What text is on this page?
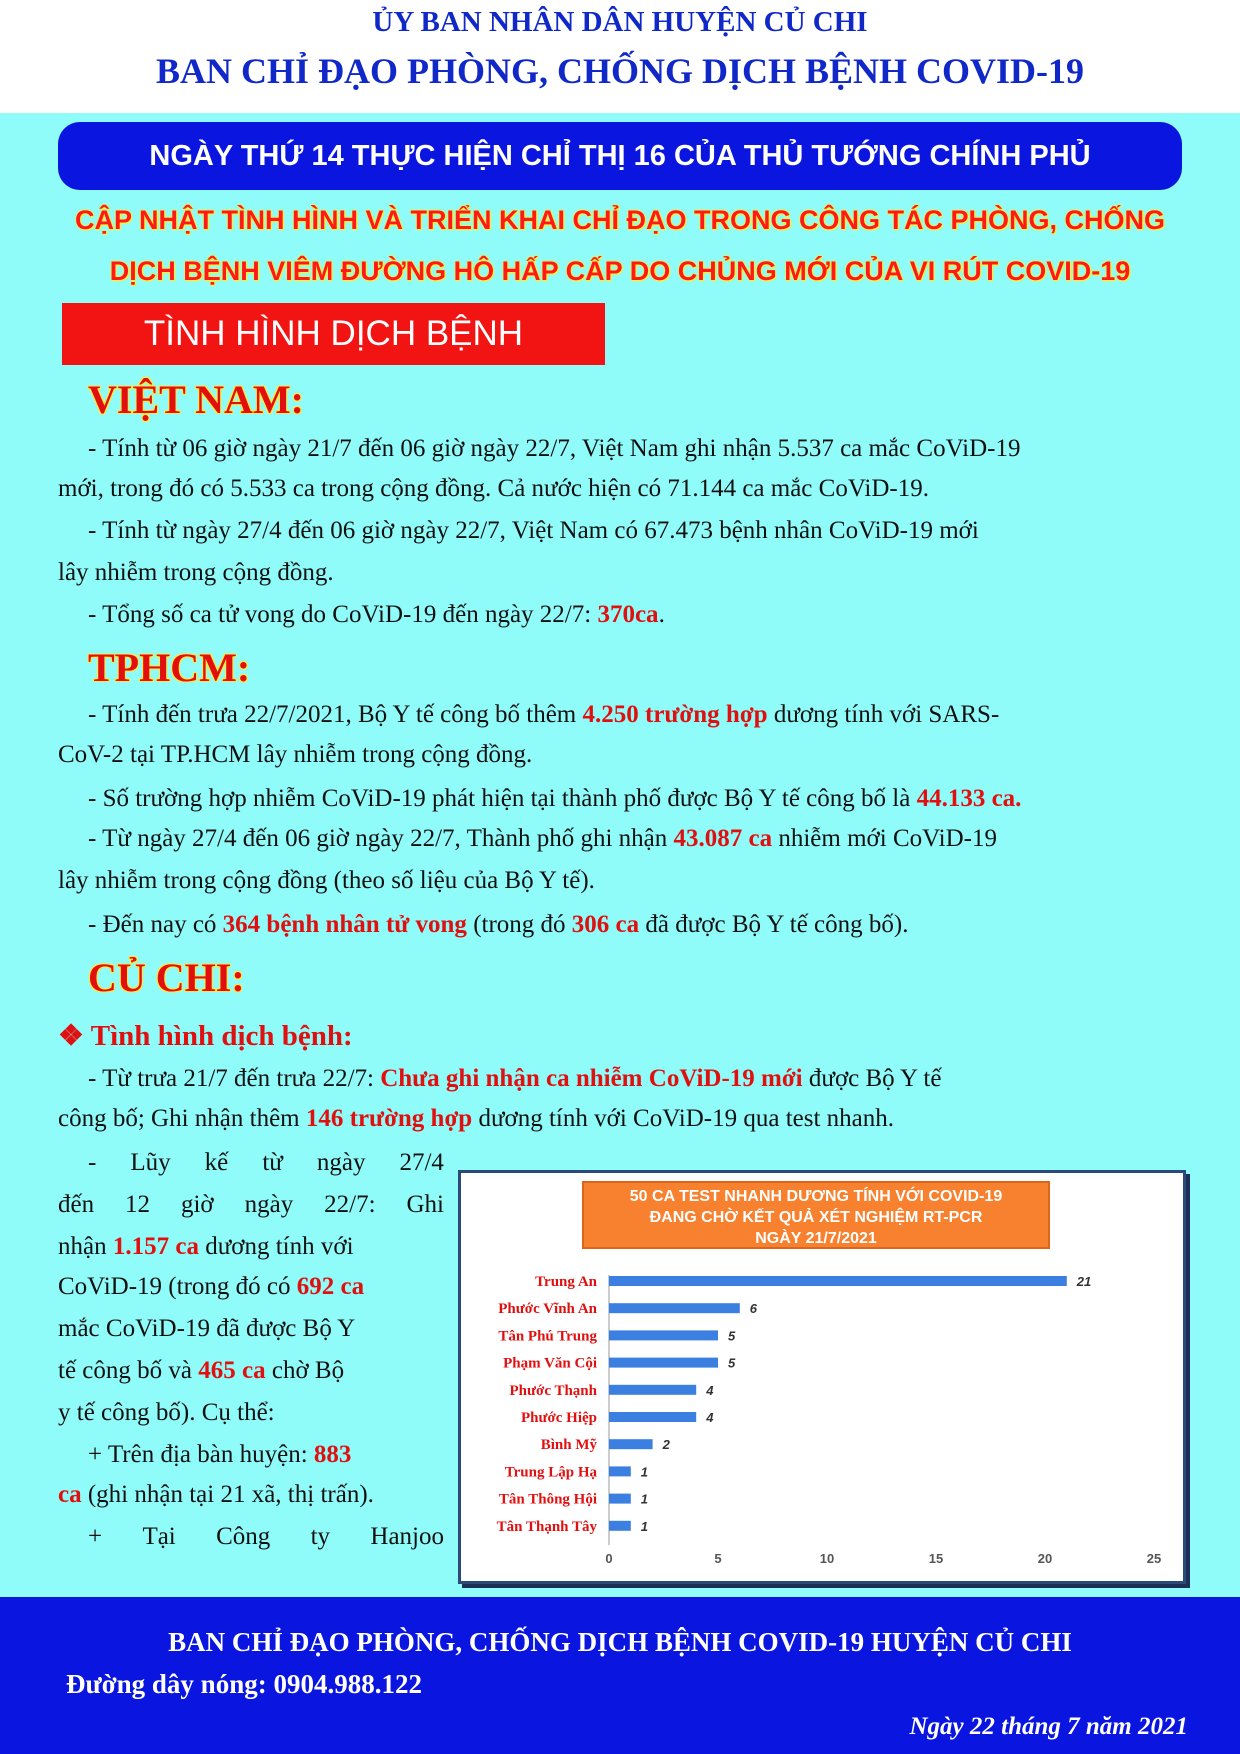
ỦY BAN NHÂN DÂN HUYỆN CỦ CHI
BAN CHỈ ĐẠO PHÒNG, CHỐNG DỊCH BỆNH COVID-19
NGÀY THỨ 14 THỰC HIỆN CHỈ THỊ 16 CỦA THỦ TƯỚNG CHÍNH PHỦ
CẬP NHẬT TÌNH HÌNH VÀ TRIỂN KHAI CHỈ ĐẠO TRONG CÔNG TÁC PHÒNG, CHỐNG
DỊCH BỆNH VIÊM ĐƯỜNG HÔ HẤP CẤP DO CHỦNG MỚI CỦA VI RÚT COVID-19
TÌNH HÌNH DỊCH BỆNH
VIỆT NAM:
- Tính từ 06 giờ ngày 21/7 đến 06 giờ ngày 22/7, Việt Nam ghi nhận 5.537 ca mắc CoViD-19
mới, trong đó có 5.533 ca trong cộng đồng. Cả nước hiện có 71.144 ca mắc CoViD-19.
- Tính từ ngày 27/4 đến 06 giờ ngày 22/7, Việt Nam có 67.473 bệnh nhân CoViD-19 mới
lây nhiễm trong cộng đồng.
- Tổng số ca tử vong do CoViD-19 đến ngày 22/7: 370ca.
TPHCM:
- Tính đến trưa 22/7/2021, Bộ Y tế công bố thêm 4.250 trường hợp dương tính với SARS-
CoV-2 tại TP.HCM lây nhiễm trong cộng đồng.
- Số trường hợp nhiễm CoViD-19 phát hiện tại thành phố được Bộ Y tế công bố là 44.133 ca.
- Từ ngày 27/4 đến 06 giờ ngày 22/7, Thành phố ghi nhận 43.087 ca nhiễm mới CoViD-19
lây nhiễm trong cộng đồng (theo số liệu của Bộ Y tế).
- Đến nay có 364 bệnh nhân tử vong (trong đó 306 ca đã được Bộ Y tế công bố).
CỦ CHI:
❖ Tình hình dịch bệnh:
- Từ trưa 21/7 đến trưa 22/7: Chưa ghi nhận ca nhiễm CoViD-19 mới được Bộ Y tế
công bố; Ghi nhận thêm 146 trường hợp dương tính với CoViD-19 qua test nhanh.
- Lũy kế từ ngày 27/4
đến 12 giờ ngày 22/7: Ghi
nhận 1.157 ca dương tính với
CoViD-19 (trong đó có 692 ca
mắc CoViD-19 đã được Bộ Y
tế công bố và 465 ca chờ Bộ
y tế công bố). Cụ thể:
+ Trên địa bàn huyện: 883
ca (ghi nhận tại 21 xã, thị trấn).
+ Tại Công ty Hanjoo
0	5	10	15	20	25
Trung An	21
Phước Vĩnh An	6
Tân Phú Trung	5
Phạm Văn Cội	5
Phước Thạnh	4
Phước Hiệp	4
Bình Mỹ	2
Trung Lập Hạ	1
Tân Thông Hội	1
Tân Thạnh Tây	1
50 CA TEST NHANH DƯƠNG TÍNH VỚI COVID-19
ĐANG CHỜ KẾT QUẢ XÉT NGHIỆM RT-PCR
NGÀY 21/7/2021
BAN CHỈ ĐẠO PHÒNG, CHỐNG DỊCH BỆNH COVID-19 HUYỆN CỦ CHI
Đường dây nóng: 0904.988.122
Ngày 22 tháng 7 năm 2021
